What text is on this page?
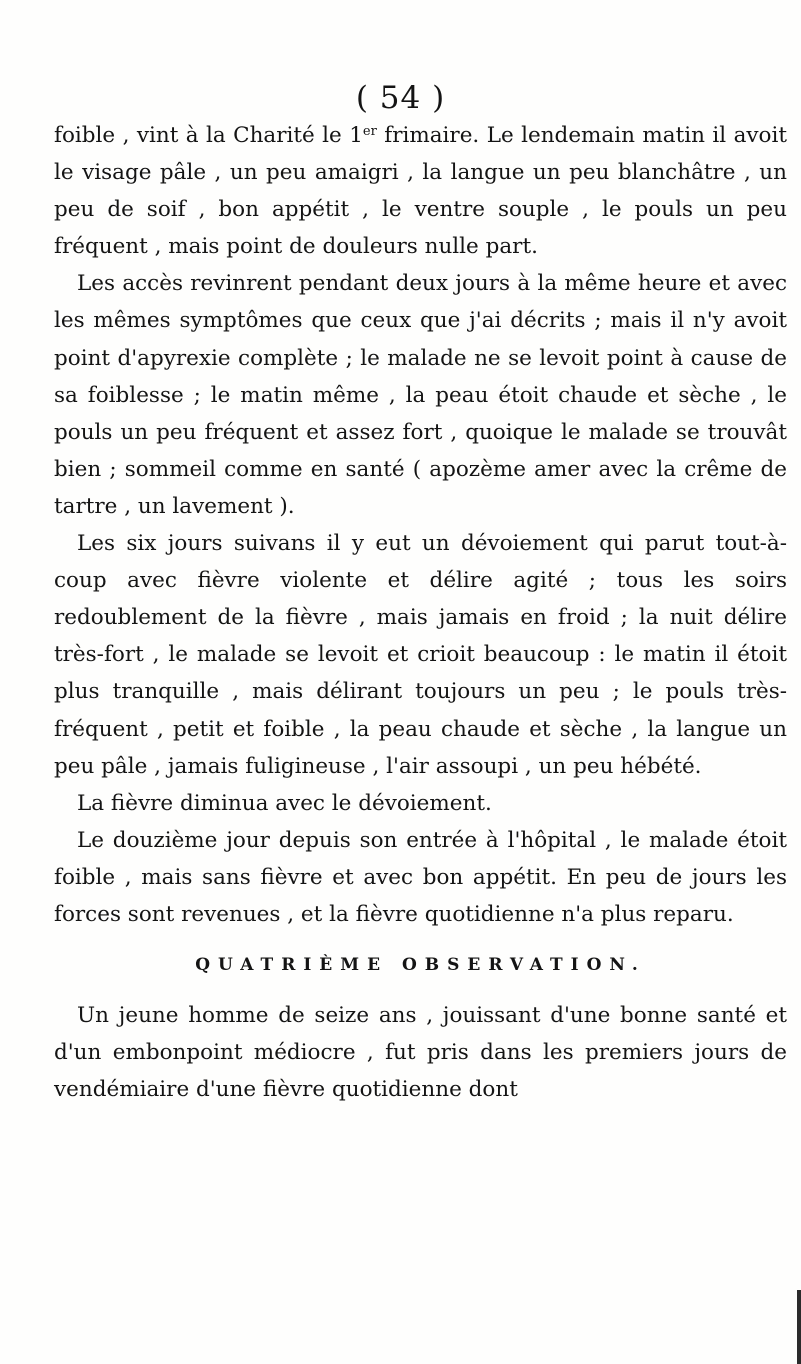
( 54 )

foible , vint à la Charité le 1er frimaire. Le lendemain matin il avoit le visage pâle , un peu amaigri , la langue un peu blanchâtre , un peu de soif , bon appétit , le ventre souple , le pouls un peu fréquent , mais point de douleurs nulle part.

Les accès revinrent pendant deux jours à la même heure et avec les mêmes symptômes que ceux que j'ai décrits ; mais il n'y avoit point d'apyrexie complète ; le malade ne se levoit point à cause de sa foiblesse ; le matin même , la peau étoit chaude et sèche , le pouls un peu fréquent et assez fort , quoique le malade se trouvât bien ; sommeil comme en santé ( apozème amer avec la crême de tartre , un lavement ).

Les six jours suivans il y eut un dévoiement qui parut tout-à-coup avec fièvre violente et délire agité ; tous les soirs redoublement de la fièvre , mais jamais en froid ; la nuit délire très-fort , le malade se levoit et crioit beaucoup : le matin il étoit plus tranquille , mais délirant toujours un peu ; le pouls très-fréquent , petit et foible , la peau chaude et sèche , la langue un peu pâle , jamais fuligineuse , l'air assoupi , un peu hébété.

La fièvre diminua avec le dévoiement.

Le douzième jour depuis son entrée à l'hôpital , le malade étoit foible , mais sans fièvre et avec bon appétit. En peu de jours les forces sont revenues , et la fièvre quotidienne n'a plus reparu.

QUATRIÈME OBSERVATION.

Un jeune homme de seize ans , jouissant d'une bonne santé et d'un embonpoint médiocre , fut pris dans les premiers jours de vendémiaire d'une fièvre quotidienne dont
